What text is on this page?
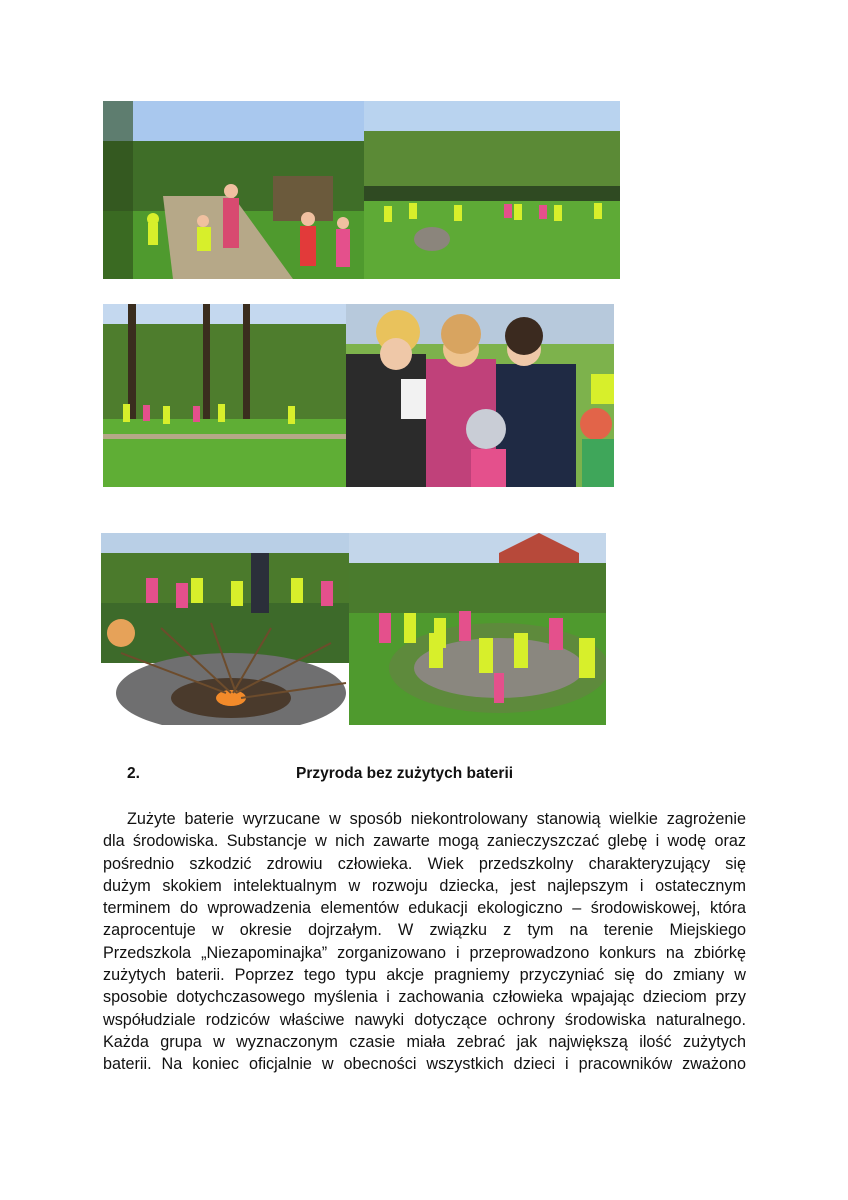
2.	Przyroda bez zużytych baterii

Zużyte baterie wyrzucane w sposób niekontrolowany stanowią wielkie zagrożenie
dla środowiska. Substancje w nich zawarte mogą zanieczyszczać glebę i wodę oraz
pośrednio szkodzić zdrowiu człowieka. Wiek przedszkolny charakteryzujący się
dużym skokiem intelektualnym w rozwoju dziecka, jest najlepszym i ostatecznym
terminem do wprowadzenia elementów edukacji ekologiczno – środowiskowej, która
zaprocentuje w okresie dojrzałym. W związku z tym na terenie Miejskiego
Przedszkola „Niezapominajka” zorganizowano i przeprowadzono konkurs na zbiórkę
zużytych baterii. Poprzez tego typu akcje pragniemy przyczyniać się do zmiany w
sposobie dotychczasowego myślenia i zachowania człowieka wpajając dzieciom przy
współudziale rodziców właściwe nawyki dotyczące ochrony środowiska naturalnego.
Każda grupa w wyznaczonym czasie miała zebrać jak największą ilość zużytych
baterii. Na koniec oficjalnie w obecności wszystkich dzieci i pracowników zważono
